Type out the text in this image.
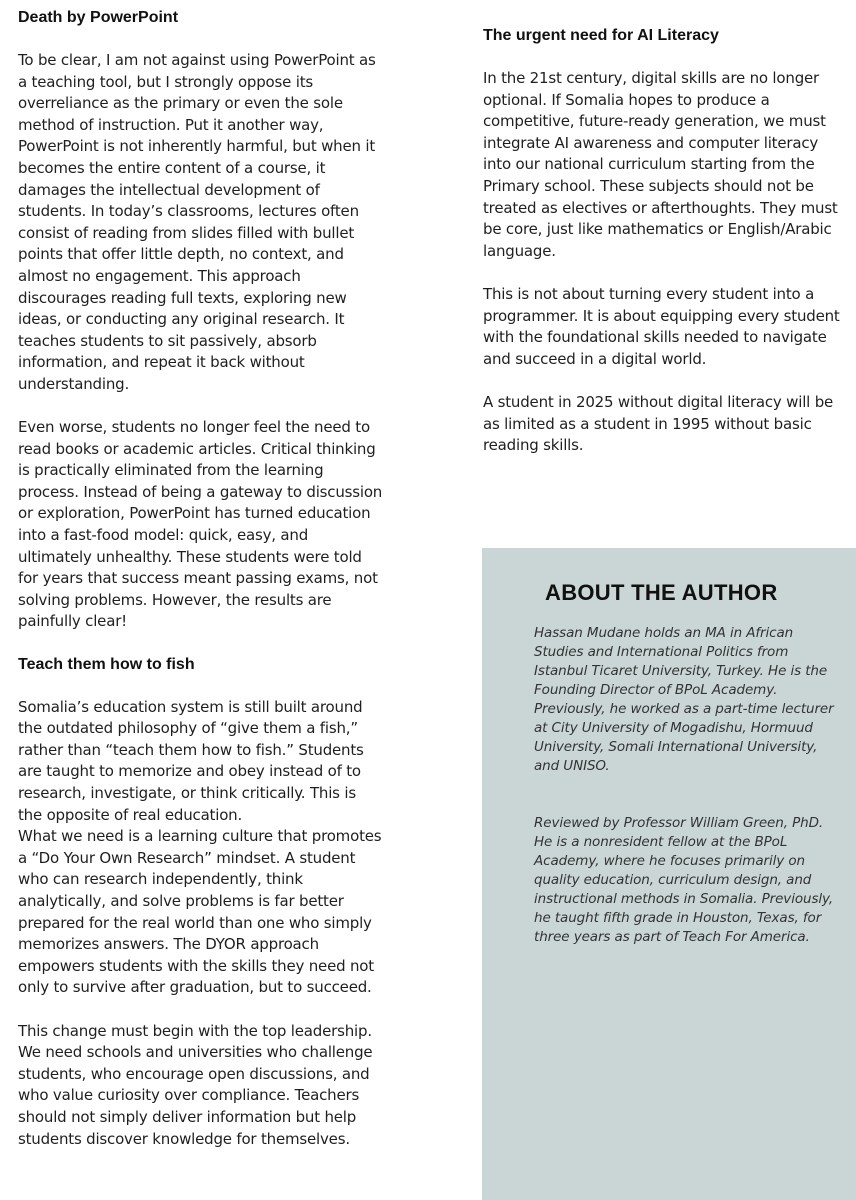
Death by PowerPoint

To be clear, I am not against using PowerPoint as a teaching tool, but I strongly oppose its overreliance as the primary or even the sole method of instruction. Put it another way, PowerPoint is not inherently harmful, but when it becomes the entire content of a course, it damages the intellectual development of students. In today’s classrooms, lectures often consist of reading from slides filled with bullet points that offer little depth, no context, and almost no engagement. This approach discourages reading full texts, exploring new ideas, or conducting any original research. It teaches students to sit passively, absorb information, and repeat it back without understanding.

Even worse, students no longer feel the need to read books or academic articles. Critical thinking is practically eliminated from the learning process. Instead of being a gateway to discussion or exploration, PowerPoint has turned education into a fast-food model: quick, easy, and ultimately unhealthy. These students were told for years that success meant passing exams, not solving problems. However, the results are painfully clear!

Teach them how to fish

Somalia’s education system is still built around the outdated philosophy of “give them a fish,” rather than “teach them how to fish.” Students are taught to memorize and obey instead of to research, investigate, or think critically. This is the opposite of real education.

What we need is a learning culture that promotes a “Do Your Own Research” mindset. A student who can research independently, think analytically, and solve problems is far better prepared for the real world than one who simply memorizes answers. The DYOR approach empowers students with the skills they need not only to survive after graduation, but to succeed.

This change must begin with the top leadership. We need schools and universities who challenge students, who encourage open discussions, and who value curiosity over compliance. Teachers should not simply deliver information but help students discover knowledge for themselves.

The urgent need for AI Literacy

In the 21st century, digital skills are no longer optional. If Somalia hopes to produce a competitive, future-ready generation, we must integrate AI awareness and computer literacy into our national curriculum starting from the Primary school. These subjects should not be treated as electives or afterthoughts. They must be core, just like mathematics or English/Arabic language.

This is not about turning every student into a programmer. It is about equipping every student with the foundational skills needed to navigate and succeed in a digital world.

A student in 2025 without digital literacy will be as limited as a student in 1995 without basic reading skills.

ABOUT THE AUTHOR

Hassan Mudane holds an MA in African Studies and International Politics from Istanbul Ticaret University, Turkey. He is the Founding Director of BPoL Academy. Previously, he worked as a part-time lecturer at City University of Mogadishu, Hormuud University, Somali International University, and UNISO.

Reviewed by Professor William Green, PhD. He is a nonresident fellow at the BPoL Academy, where he focuses primarily on quality education, curriculum design, and instructional methods in Somalia. Previously, he taught fifth grade in Houston, Texas, for three years as part of Teach For America.
